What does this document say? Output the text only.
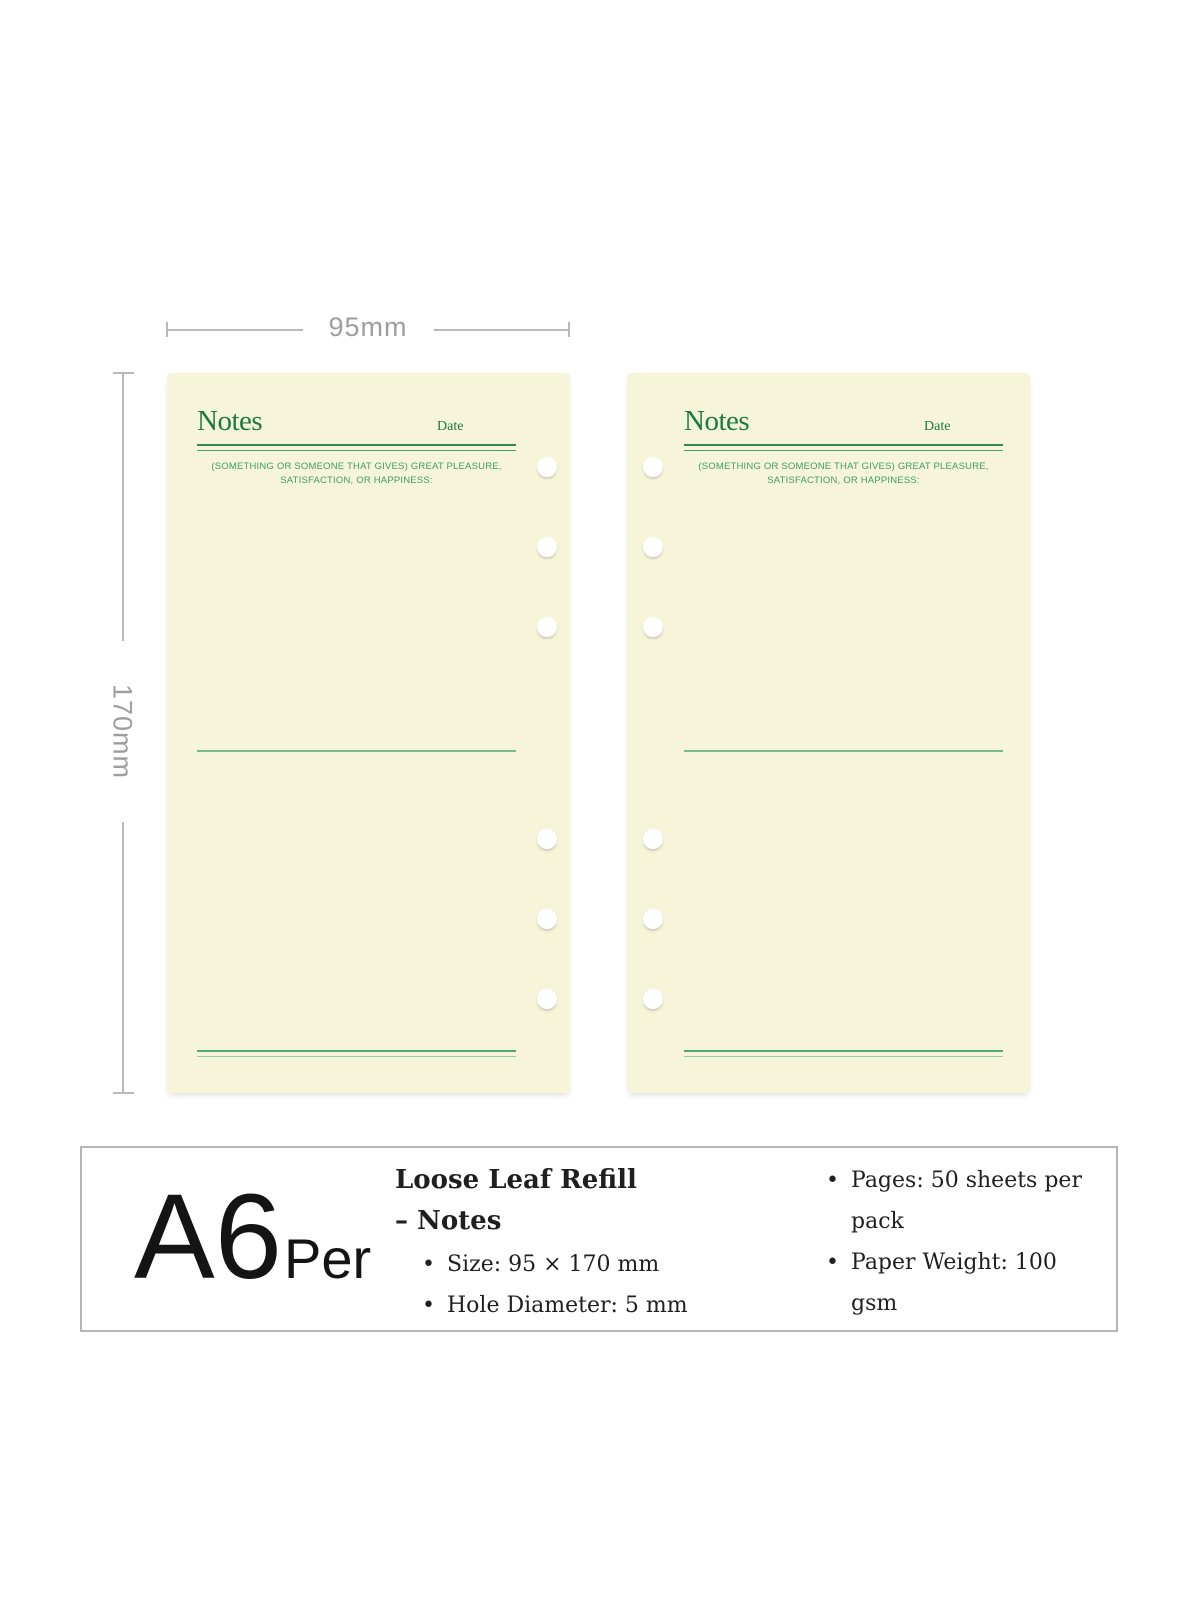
95mm
170mm
Notes	Date
(SOMETHING OR SOMEONE THAT GIVES) GREAT PLEASURE,
SATISFACTION, OR HAPPINESS:
Notes	Date
(SOMETHING OR SOMEONE THAT GIVES) GREAT PLEASURE,
SATISFACTION, OR HAPPINESS:
A6 Per
Loose Leaf Refill
– Notes
• Size: 95 × 170 mm
• Hole Diameter: 5 mm
• Pages: 50 sheets per pack
• Paper Weight: 100 gsm
